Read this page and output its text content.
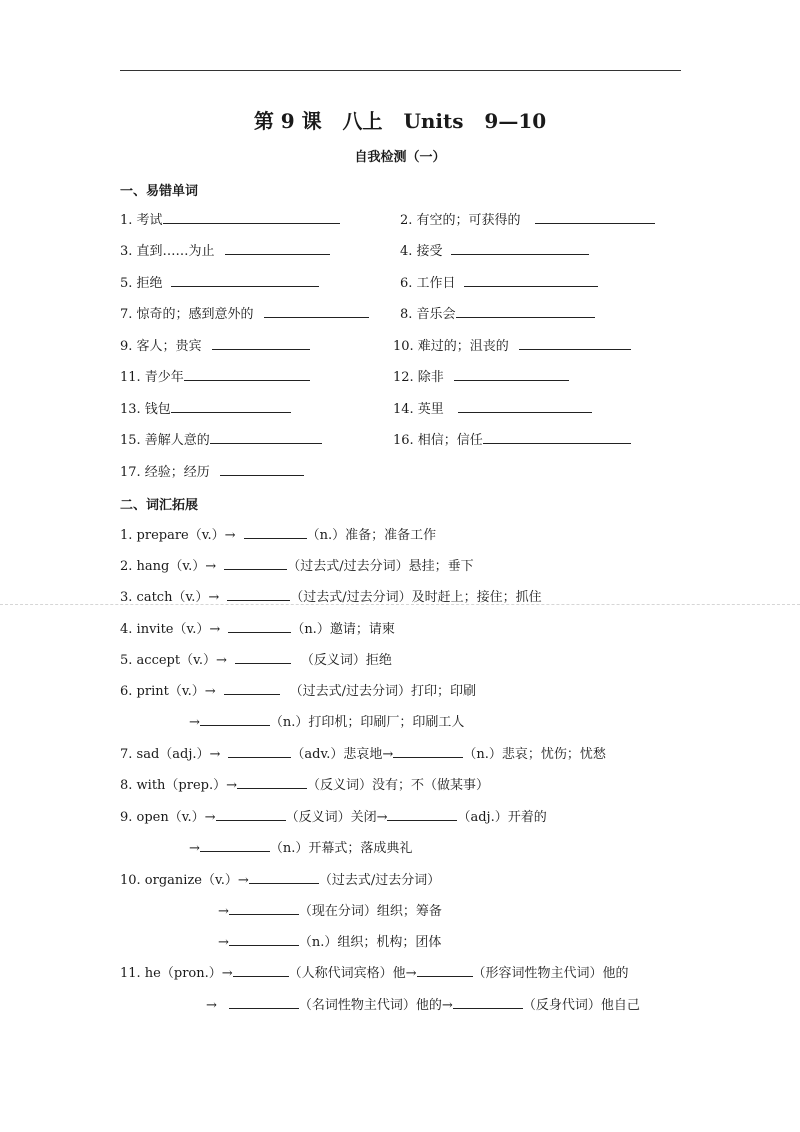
第 9 课   八上   Units   9—10
自我检测（一）
一、易错单词
1. 考试	2. 有空的；可获得的
3. 直到……为止	4. 接受
5. 拒绝	6. 工作日
7. 惊奇的；感到意外的	8. 音乐会
9. 客人；贵宾	10. 难过的；沮丧的
11. 青少年	12. 除非
13. 钱包	14. 英里
15. 善解人意的	16. 相信；信任
17. 经验；经历
二、词汇拓展
1. prepare（v.）→	（n.）准备；准备工作
2. hang（v.）→	（过去式/过去分词）悬挂；垂下
3. catch（v.）→	（过去式/过去分词）及时赶上；接住；抓住
4. invite（v.）→	（n.）邀请；请柬
5. accept（v.）→	（反义词）拒绝
6. print（v.）→	（过去式/过去分词）打印；印刷
→	（n.）打印机；印刷厂；印刷工人
7. sad（adj.）→	（adv.）悲哀地→	（n.）悲哀；忧伤；忧愁
8. with（prep.）→	（反义词）没有；不（做某事）
9. open（v.）→	（反义词）关闭→	（adj.）开着的
→	（n.）开幕式；落成典礼
10. organize（v.）→	（过去式/过去分词）
→	（现在分词）组织；筹备
→	（n.）组织；机构；团体
11. he（pron.）→	（人称代词宾格）他→	（形容词性物主代词）他的
→	（名词性物主代词）他的→	（反身代词）他自己
